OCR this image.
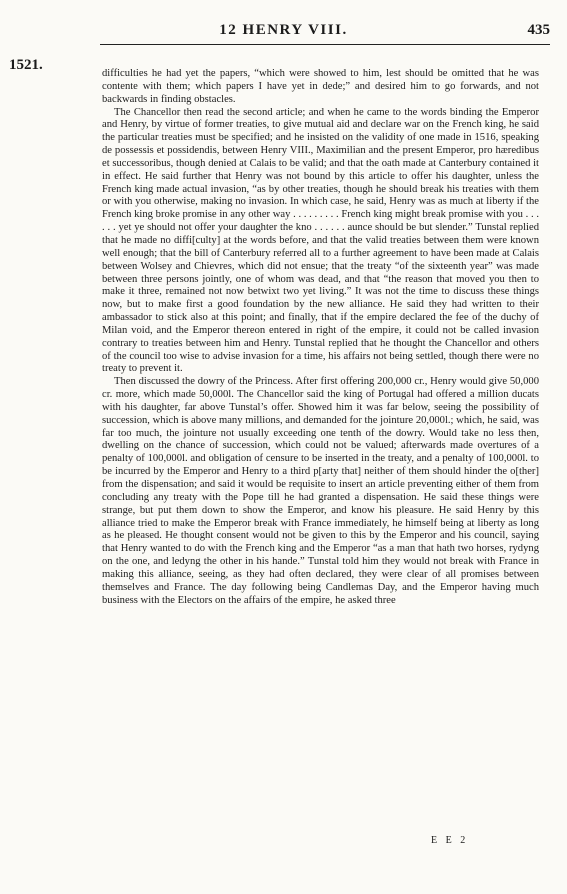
12 HENRY VIII.	435
1521.

difficulties he had yet the papers, “which were showed to him, lest should be omitted that he was contente with them; which papers I have yet in dede;” and desired him to go forwards, and not backwards in finding obstacles.

The Chancellor then read the second article; and when he came to the words binding the Emperor and Henry, by virtue of former treaties, to give mutual aid and declare war on the French king, he said the particular treaties must be specified; and he insisted on the validity of one made in 1516, speaking de possessis et possidendis, between Henry VIII., Maximilian and the present Emperor, pro hæredibus et successoribus, though denied at Calais to be valid; and that the oath made at Canterbury contained it in effect. He said further that Henry was not bound by this article to offer his daughter, unless the French king made actual invasion, “as by other treaties, though he should break his treaties with them or with you otherwise, making no invasion. In which case, he said, Henry was as much at liberty if the French king broke promise in any other way . . . . . . . . . French king might break promise with you . . . . . . yet ye should not offer your daughter the kno . . . . . . aunce should be but slender.” Tunstal replied that he made no diffi[culty] at the words before, and that the valid treaties between them were known well enough; that the bill of Canterbury referred all to a further agreement to have been made at Calais between Wolsey and Chievres, which did not ensue; that the treaty “of the sixteenth year” was made between three persons jointly, one of whom was dead, and that “the reason that moved you then to make it three, remained not now betwixt two yet living.” It was not the time to discuss these things now, but to make first a good foundation by the new alliance. He said they had written to their ambassador to stick also at this point; and finally, that if the empire declared the fee of the duchy of Milan void, and the Emperor thereon entered in right of the empire, it could not be called invasion contrary to treaties between him and Henry. Tunstal replied that he thought the Chancellor and others of the council too wise to advise invasion for a time, his affairs not being settled, though there were no treaty to prevent it.

Then discussed the dowry of the Princess. After first offering 200,000 cr., Henry would give 50,000 cr. more, which made 50,000l. The Chancellor said the king of Portugal had offered a million ducats with his daughter, far above Tunstal’s offer. Showed him it was far below, seeing the possibility of succession, which is above many millions, and demanded for the jointure 20,000l.; which, he said, was far too much, the jointure not usually exceeding one tenth of the dowry. Would take no less then, dwelling on the chance of succession, which could not be valued; afterwards made overtures of a penalty of 100,000l. and obligation of censure to be inserted in the treaty, and a penalty of 100,000l. to be incurred by the Emperor and Henry to a third p[arty that] neither of them should hinder the o[ther] from the dispensation; and said it would be requisite to insert an article preventing either of them from concluding any treaty with the Pope till he had granted a dispensation. He said these things were strange, but put them down to show the Emperor, and know his pleasure. He said Henry by this alliance tried to make the Emperor break with France immediately, he himself being at liberty as long as he pleased. He thought consent would not be given to this by the Emperor and his council, saying that Henry wanted to do with the French king and the Emperor “as a man that hath two horses, rydyng on the one, and ledyng the other in his hande.” Tunstal told him they would not break with France in making this alliance, seeing, as they had often declared, they were clear of all promises between themselves and France. The day following being Candlemas Day, and the Emperor having much business with the Electors on the affairs of the empire, he asked three

E E 2
